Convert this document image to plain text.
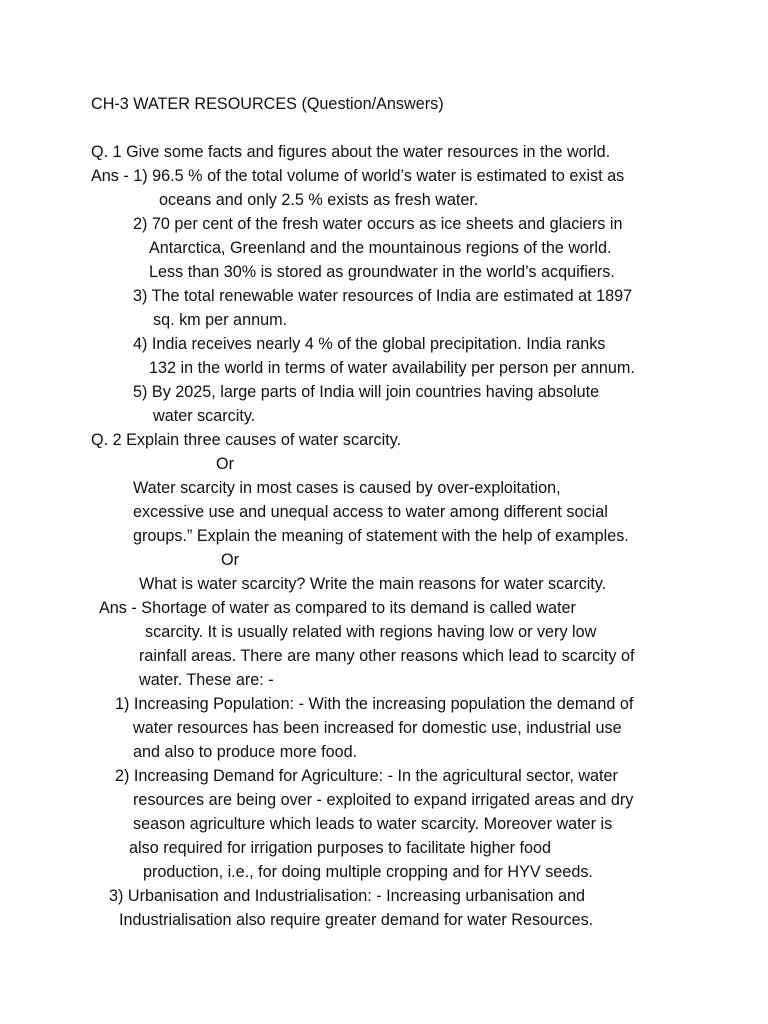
CH-3 WATER RESOURCES (Question/Answers)

Q. 1 Give some facts and figures about the water resources in the world.

Ans - 1) 96.5 % of the total volume of world’s water is estimated to exist as

oceans and only 2.5 % exists as fresh water.

2) 70 per cent of the fresh water occurs as ice sheets and glaciers in

Antarctica, Greenland and the mountainous regions of the world.

Less than 30% is stored as groundwater in the world’s acquifiers.

3) The total renewable water resources of India are estimated at 1897

sq. km per annum.

4) India receives nearly 4 % of the global precipitation. India ranks

132 in the world in terms of water availability per person per annum.

5) By 2025, large parts of India will join countries having absolute

water scarcity.

Q. 2 Explain three causes of water scarcity.

Or

Water scarcity in most cases is caused by over-exploitation,

excessive use and unequal access to water among different social

groups.” Explain the meaning of statement with the help of examples.

Or

What is water scarcity? Write the main reasons for water scarcity.

Ans - Shortage of water as compared to its demand is called water

scarcity. It is usually related with regions having low or very low

rainfall areas. There are many other reasons which lead to scarcity of

water. These are: -

1) Increasing Population: - With the increasing population the demand of

water resources has been increased for domestic use, industrial use

and also to produce more food.

2) Increasing Demand for Agriculture: - In the agricultural sector, water

resources are being over - exploited to expand irrigated areas and dry

season agriculture which leads to water scarcity. Moreover water is

also required for irrigation purposes to facilitate higher food

production, i.e., for doing multiple cropping and for HYV seeds.

3) Urbanisation and Industrialisation: - Increasing urbanisation and

Industrialisation also require greater demand for water Resources.
